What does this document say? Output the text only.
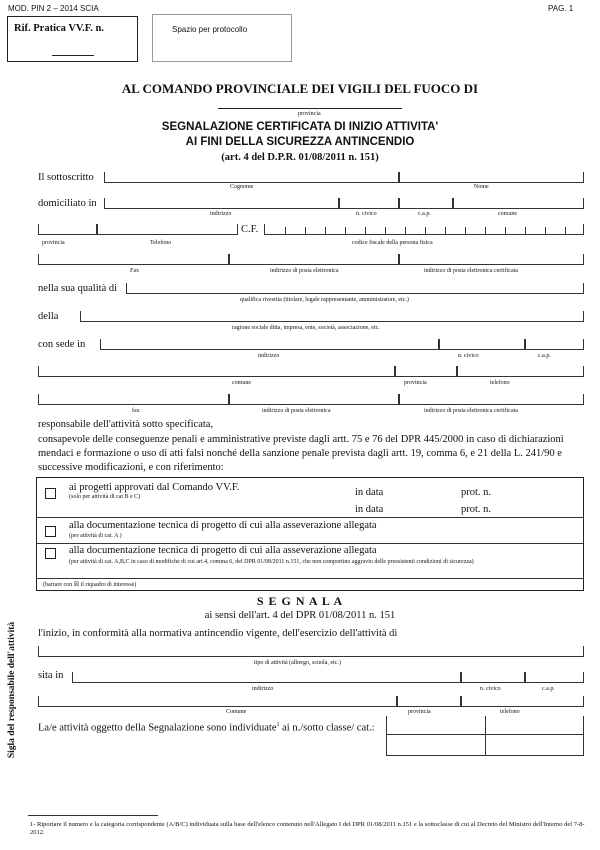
MOD. PIN 2 – 2014 SCIA	PAG. 1
Rif. Pratica VV.F. n.	Spazio per protocollo
AL COMANDO PROVINCIALE DEI VIGILI DEL FUOCO DI
provincia
SEGNALAZIONE CERTIFICATA DI INIZIO ATTIVITA'
AI FINI DELLA SICUREZZA ANTINCENDIO
(art. 4 del D.P.R. 01/08/2011 n. 151)
Il sottoscritto
Cognome	Nome
domiciliato in
indirizzo	n. civico	c.a.p.	comune
C.F.
provincia	Telefono	codice fiscale della persona fisica
Fax	indirizzo di posta elettronica	indirizzo di posta elettronica certificata
nella sua qualità di
qualifica rivestita (titolare, legale rappresentante, amministratore, etc.)
della
ragione sociale ditta, impresa, ente, società, associazione, etc.
con sede in
indirizzo	n. civico	c.a.p.
comune	provincia	telefono
fax	indirizzo di posta elettronica	indirizzo di posta elettronica certificata
responsabile dell'attività sotto specificata,
consapevole delle conseguenze penali e amministrative previste dagli artt. 75 e 76 del DPR 445/2000 in caso di dichiarazioni mendaci e formazione o uso di atti falsi nonché della sanzione penale prevista dagli artt. 19, comma 6, e 21 della L. 241/90 e successive modificazioni, e con riferimento:
ai progetti approvati dal Comando VV.F.
(solo per attività di cat B e C)	in data	prot. n.
in data	prot. n.
alla documentazione tecnica di progetto di cui alla asseverazione allegata
(per attività di cat. A )
alla documentazione tecnica di progetto di cui alla asseverazione allegata
(per attività di cat. A,B,C in caso di modifiche di cui art.4, comma 6, del DPR 01/08/2011 n.151, che non comportino aggravio delle preesistenti condizioni di sicurezza)
(barrare con ☒ il riquadro di interesse)
S E G N A L A
ai sensi dell'art. 4 del DPR 01/08/2011 n. 151
l'inizio, in conformità alla normativa antincendio vigente, dell'esercizio dell'attività di
tipo di attività (albergo, scuola, etc.)
sita in
indirizzo	n. civico	c.a.p.
Comune	provincia	telefono
La/e attività oggetto della Segnalazione sono individuate$^1$ ai n./sotto classe/ cat.:
Sigla del responsabile dell'attività
1- Riportare il numero e la categoria corrispondente (A/B/C) individuata sulla base dell'elenco contenuto nell'Allegato I del DPR 01/08/2011 n.151 e la sottoclasse di cui al Decreto del Ministro dell'Interno del 7-8-2012.
